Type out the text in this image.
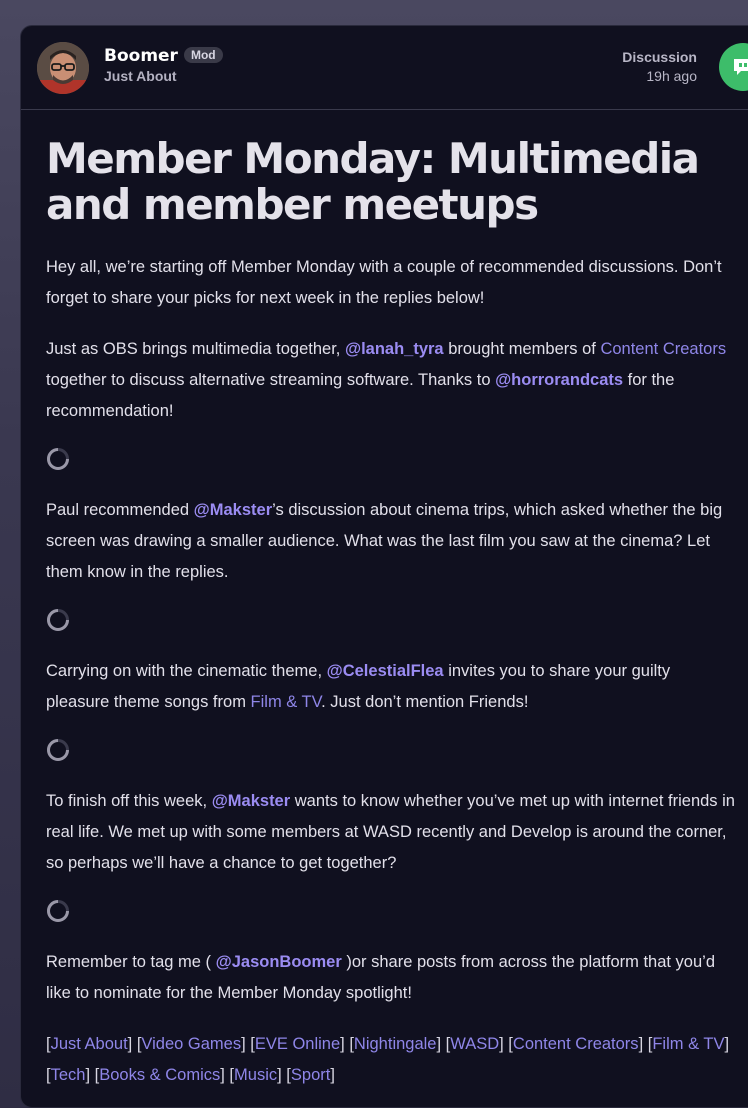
Boomer Mod
Just About
Discussion
19h ago
Member Monday: Multimedia and member meetups

Hey all, we’re starting off Member Monday with a couple of recommended discussions. Don’t forget to share your picks for next week in the replies below!

Just as OBS brings multimedia together, @lanah_tyra brought members of Content Creators together to discuss alternative streaming software. Thanks to @horrorandcats for the recommendation!

Paul recommended @Makster’s discussion about cinema trips, which asked whether the big screen was drawing a smaller audience. What was the last film you saw at the cinema? Let them know in the replies.

Carrying on with the cinematic theme, @CelestialFlea invites you to share your guilty pleasure theme songs from Film & TV. Just don’t mention Friends!

To finish off this week, @Makster wants to know whether you’ve met up with internet friends in real life. We met up with some members at WASD recently and Develop is around the corner, so perhaps we’ll have a chance to get together?

Remember to tag me ( @JasonBoomer )or share posts from across the platform that you’d like to nominate for the Member Monday spotlight!

[Just About] [Video Games] [EVE Online] [Nightingale] [WASD] [Content Creators] [Film & TV] [Tech] [Books & Comics] [Music] [Sport]
